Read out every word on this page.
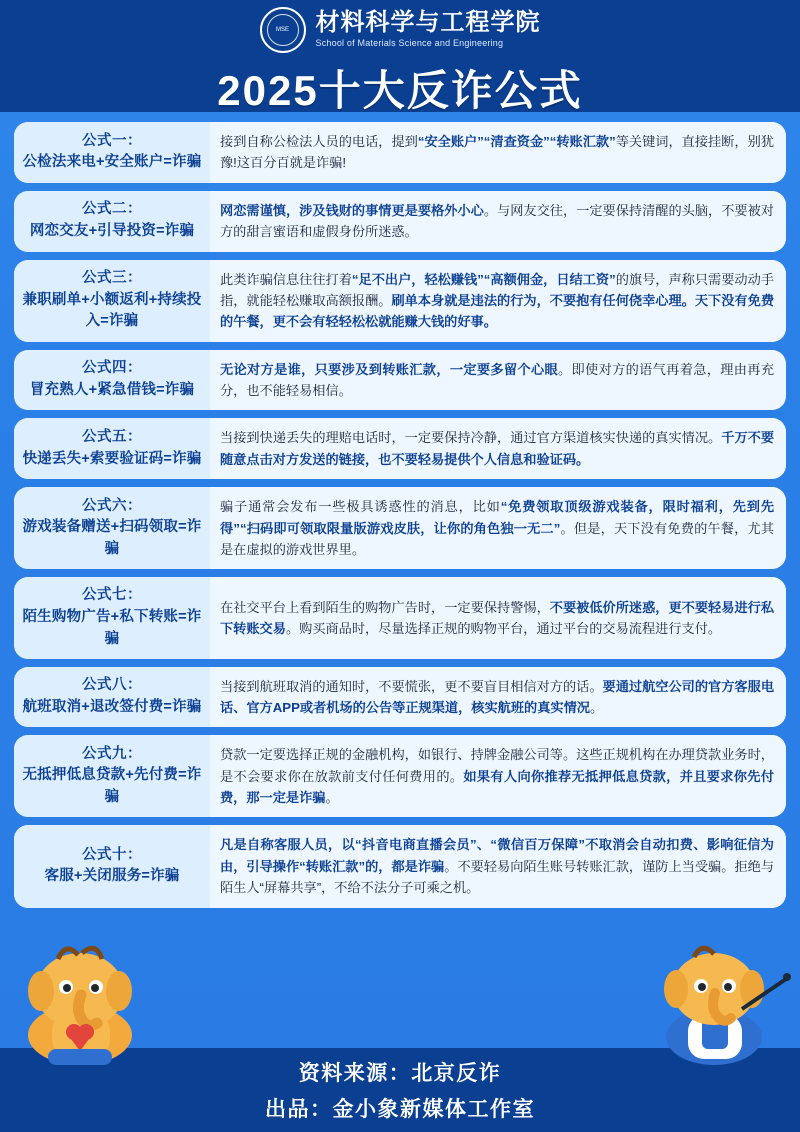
MSE	材料科学与工程学院
School of Materials Science and Engineering
2025十大反诈公式
公式一：
公检法来电+安全账户=诈骗
接到自称公检法人员的电话，提到“安全账户”“清查资金”“转账汇款”等关键词，直接挂断，别犹豫!这百分百就是诈骗!
公式二：
网恋交友+引导投资=诈骗
网恋需谨慎，涉及钱财的事情更是要格外小心。与网友交往，一定要保持清醒的头脑，不要被对方的甜言蜜语和虚假身份所迷惑。
公式三：
兼职刷单+小额返利+持续投入=诈骗
此类诈骗信息往往打着“足不出户，轻松赚钱”“高额佣金，日结工资”的旗号，声称只需要动动手指，就能轻松赚取高额报酬。刷单本身就是违法的行为，不要抱有任何侥幸心理。天下没有免费的午餐，更不会有轻轻松松就能赚大钱的好事。
公式四：
冒充熟人+紧急借钱=诈骗
无论对方是谁，只要涉及到转账汇款，一定要多留个心眼。即使对方的语气再着急，理由再充分，也不能轻易相信。
公式五：
快递丢失+索要验证码=诈骗
当接到快递丢失的理赔电话时，一定要保持冷静，通过官方渠道核实快递的真实情况。千万不要随意点击对方发送的链接，也不要轻易提供个人信息和验证码。
公式六：
游戏装备赠送+扫码领取=诈骗
骗子通常会发布一些极具诱惑性的消息，比如“免费领取顶级游戏装备，限时福利，先到先得”“扫码即可领取限量版游戏皮肤，让你的角色独一无二”。但是，天下没有免费的午餐，尤其是在虚拟的游戏世界里。
公式七：
陌生购物广告+私下转账=诈骗
在社交平台上看到陌生的购物广告时，一定要保持警惕，不要被低价所迷惑，更不要轻易进行私下转账交易。购买商品时，尽量选择正规的购物平台，通过平台的交易流程进行支付。
公式八：
航班取消+退改签付费=诈骗
当接到航班取消的通知时，不要慌张，更不要盲目相信对方的话。要通过航空公司的官方客服电话、官方APP或者机场的公告等正规渠道，核实航班的真实情况。
公式九：
无抵押低息贷款+先付费=诈骗
贷款一定要选择正规的金融机构，如银行、持牌金融公司等。这些正规机构在办理贷款业务时，是不会要求你在放款前支付任何费用的。如果有人向你推荐无抵押低息贷款，并且要求你先付费，那一定是诈骗。
公式十：
客服+关闭服务=诈骗
凡是自称客服人员，以“抖音电商直播会员”、“微信百万保障”不取消会自动扣费、影响征信为由，引导操作“转账汇款”的，都是诈骗。不要轻易向陌生账号转账汇款，谨防上当受骗。拒绝与陌生人“屏幕共享”，不给不法分子可乘之机。
资料来源：北京反诈
出品：金小象新媒体工作室
